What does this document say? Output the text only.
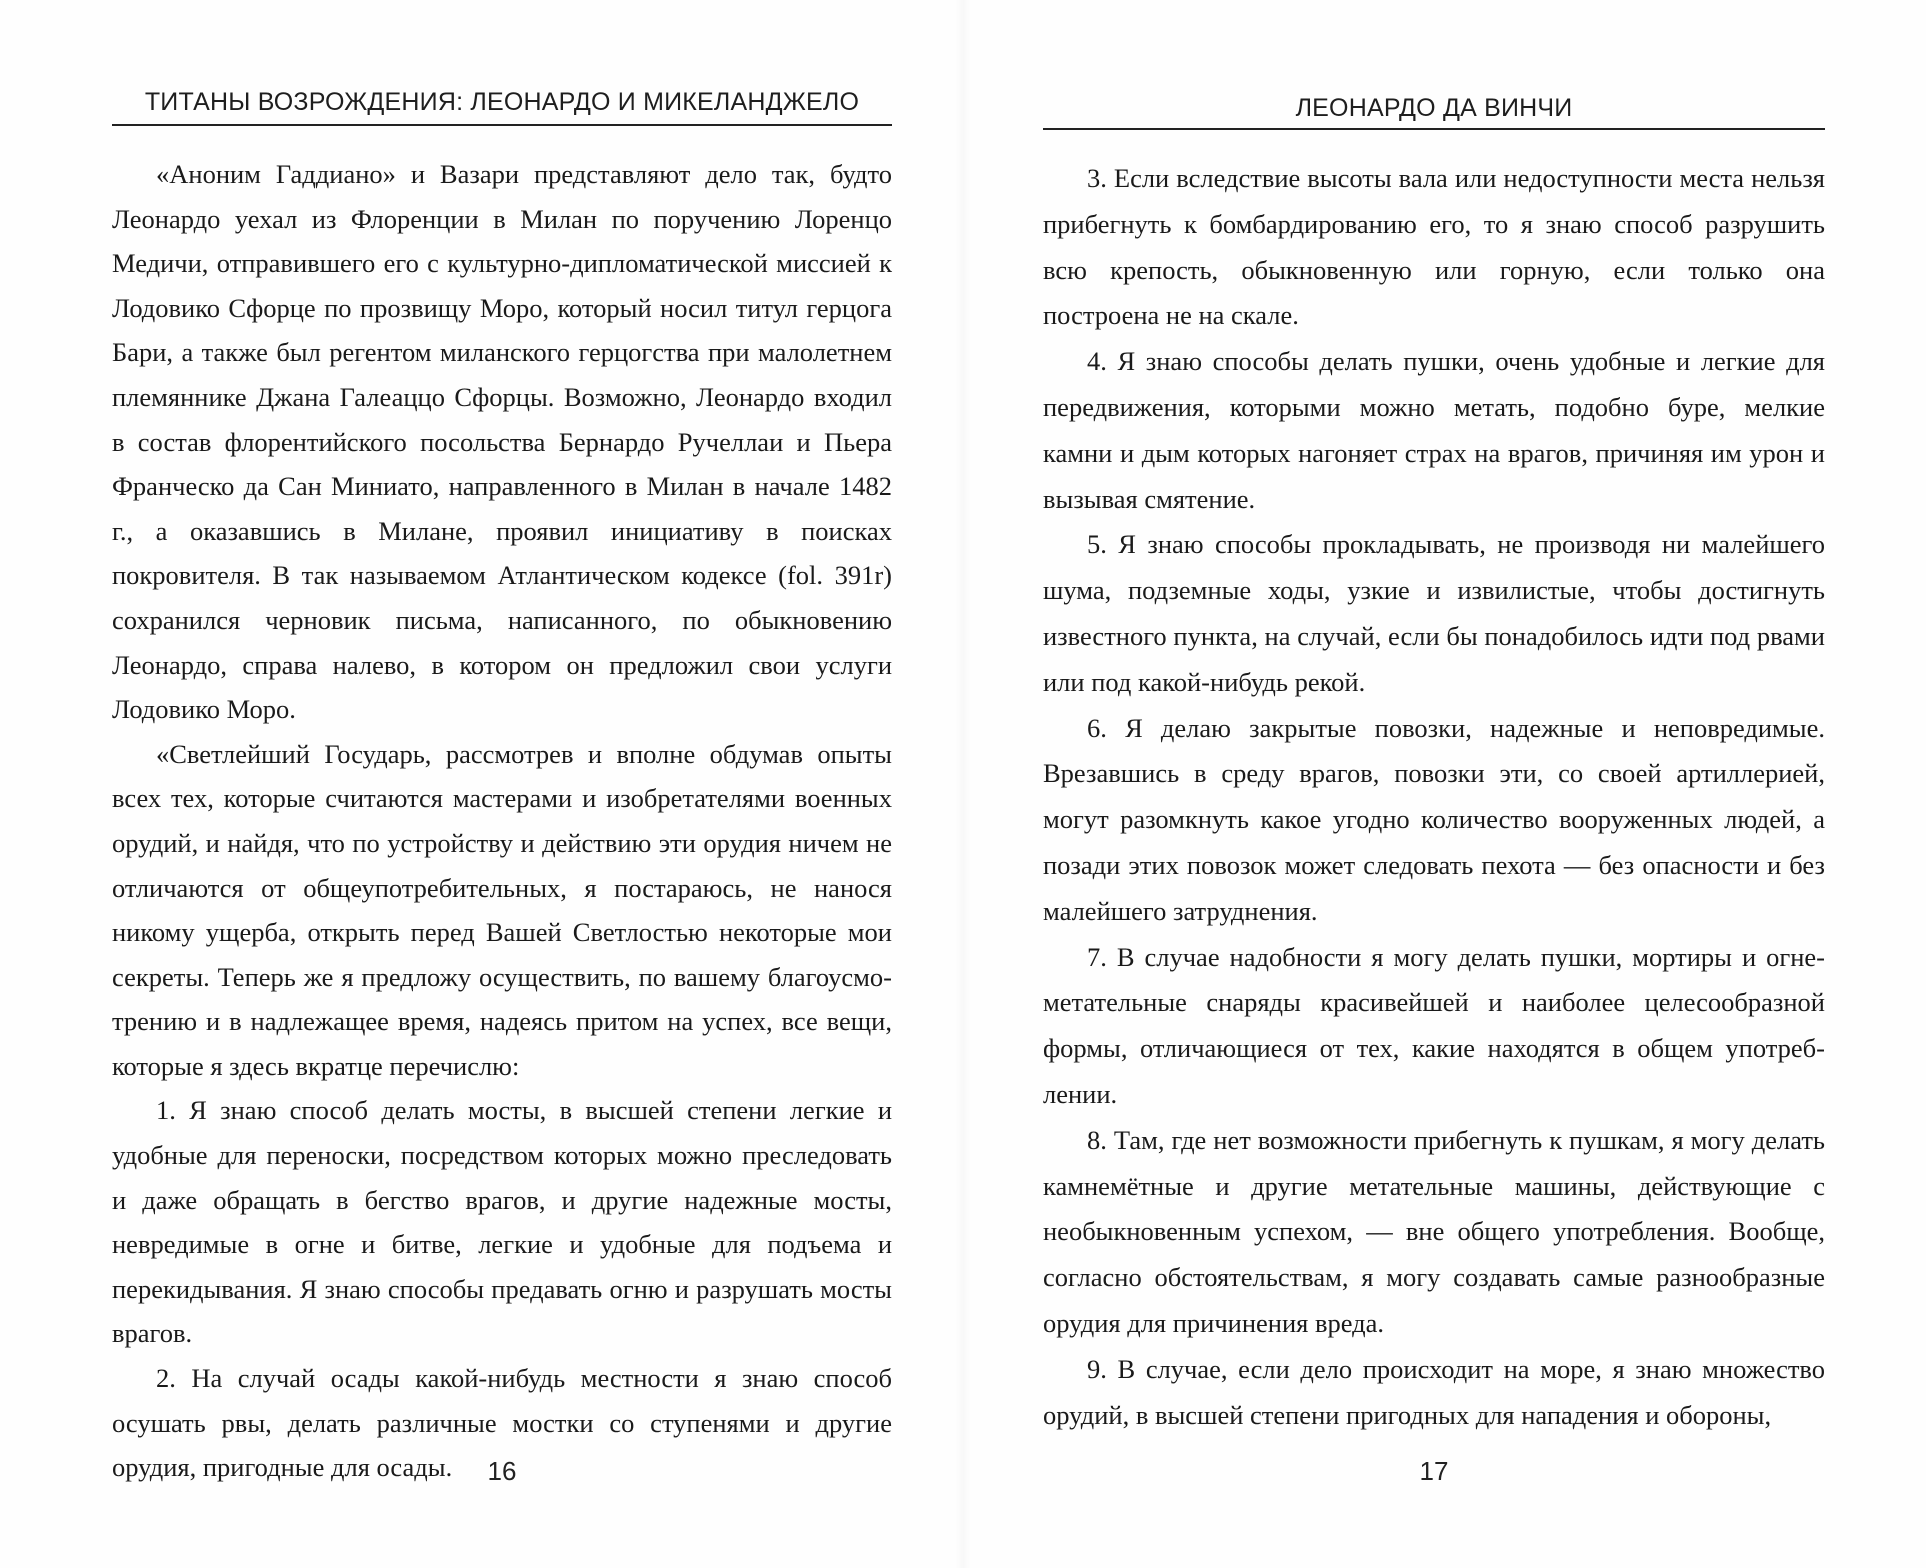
ТИТАНЫ ВОЗРОЖДЕНИЯ: ЛЕОНАРДО И МИКЕЛАНДЖЕЛО

«Аноним Гаддиано» и Вазари представляют дело так, будто Леонардо уехал из Флоренции в Милан по поручению Лоренцо Медичи, отправившего его с культурно-дипломатической миссией к Лодовико Сфорце по прозвищу Моро, который носил титул герцога Бари, а также был регентом миланского герцогства при малолетнем племяннике Джана Галеаццо Сфорцы. Возможно, Леонардо входил в состав флорентийского посольства Бернардо Ручеллаи и Пьера Франческо да Сан Миниато, направленного в Милан в начале 1482 г., а оказавшись в Милане, проявил инициативу в поисках покровителя. В так называемом Атлантическом кодексе (fol. 391r) сохранился черновик письма, написанного, по обыкновению Леонардо, справа налево, в котором он предложил свои услуги Лодовико Моро.

«Светлейший Государь, рассмотрев и вполне обдумав опыты всех тех, которые считаются мастерами и изобретателями военных орудий, и найдя, что по устройству и действию эти орудия ничем не отличаются от общеупотребительных, я постараюсь, не нанося никому ущерба, открыть перед Вашей Светлостью некоторые мои секреты. Теперь же я предложу осуществить, по вашему благоусмотрению и в надлежащее время, надеясь притом на успех, все вещи, которые я здесь вкратце перечислю:

1. Я знаю способ делать мосты, в высшей степени легкие и удобные для переноски, посредством которых можно преследовать и даже обращать в бегство врагов, и другие надежные мосты, невредимые в огне и битве, легкие и удобные для подъема и перекидывания. Я знаю способы предавать огню и разрушать мосты врагов.

2. На случай осады какой-нибудь местности я знаю способ осушать рвы, делать различные мостки со ступенями и другие орудия, пригодные для осады.	16
ЛЕОНАРДО ДА ВИНЧИ

3. Если вследствие высоты вала или недоступности места нельзя прибегнуть к бомбардированию его, то я знаю способ разрушить всю крепость, обыкновенную или горную, если только она построена не на скале.

4. Я знаю способы делать пушки, очень удобные и легкие для передвижения, которыми можно метать, подобно буре, мелкие камни и дым которых нагоняет страх на врагов, причиняя им урон и вызывая смятение.

5. Я знаю способы прокладывать, не производя ни малейшего шума, подземные ходы, узкие и извилистые, чтобы достигнуть известного пункта, на случай, если бы понадобилось идти под рвами или под какой-нибудь рекой.

6. Я делаю закрытые повозки, надежные и неповредимые. Врезавшись в среду врагов, повозки эти, со своей артиллерией, могут разомкнуть какое угодно количество вооруженных людей, а позади этих повозок может следовать пехота — без опасности и без малейшего затруднения.

7. В случае надобности я могу делать пушки, мортиры и огнеметательные снаряды красивейшей и наиболее целесообразной формы, отличающиеся от тех, какие находятся в общем употреблении.

8. Там, где нет возможности прибегнуть к пушкам, я могу делать камнемётные и другие метательные машины, действующие с необыкновенным успехом, — вне общего употребления. Вообще, согласно обстоятельствам, я могу создавать самые разнообразные орудия для причинения вреда.

9. В случае, если дело происходит на море, я знаю множество орудий, в высшей степени пригодных для нападения и обороны,

17
